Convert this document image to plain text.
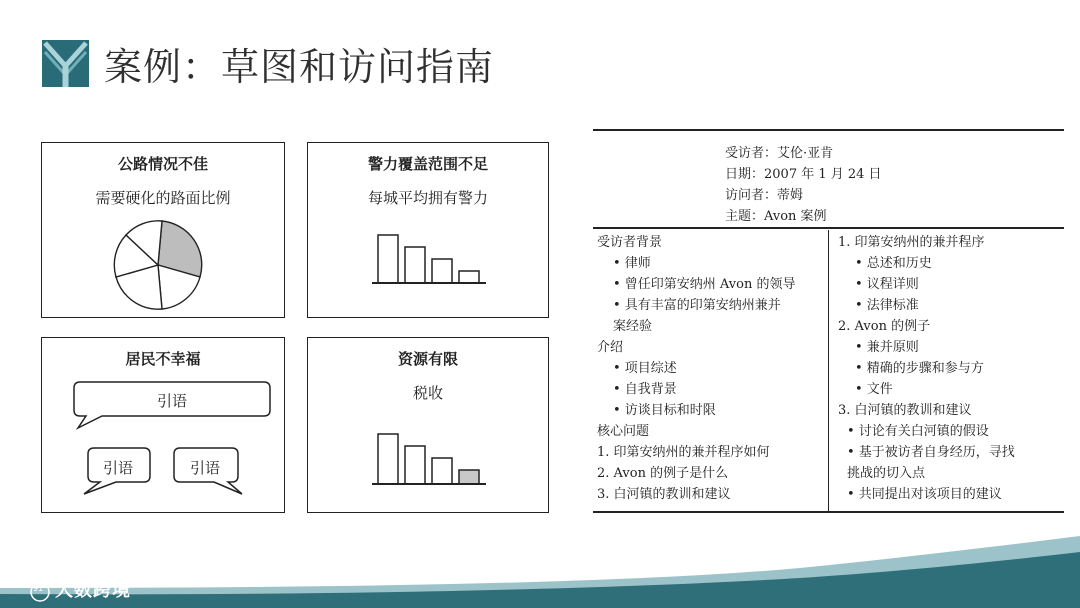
案例：草图和访问指南
公路情况不佳
需要硬化的路面比例
警力覆盖范围不足
每城平均拥有警力
居民不幸福
引语
引语	引语
资源有限
税收
受访者：艾伦·亚肯
日期：2007 年 1 月 24 日
访问者：蒂姆
主题：Avon 案例
受访者背景
• 律师
• 曾任印第安纳州 Avon 的领导
• 具有丰富的印第安纳州兼并
案经验
介绍
• 项目综述
• 自我背景
• 访谈目标和时限
核心问题
1. 印第安纳州的兼并程序如何
2. Avon 的例子是什么
3. 白河镇的教训和建议
1. 印第安纳州的兼并程序
• 总述和历史
• 议程详则
• 法律标准
2. Avon 的例子
• 兼并原则
• 精确的步骤和参与方
• 文件
3. 白河镇的教训和建议
• 讨论有关白河镇的假设
• 基于被访者自身经历，寻找
挑战的切入点
• 共同提出对该项目的建议
91 大数跨境
